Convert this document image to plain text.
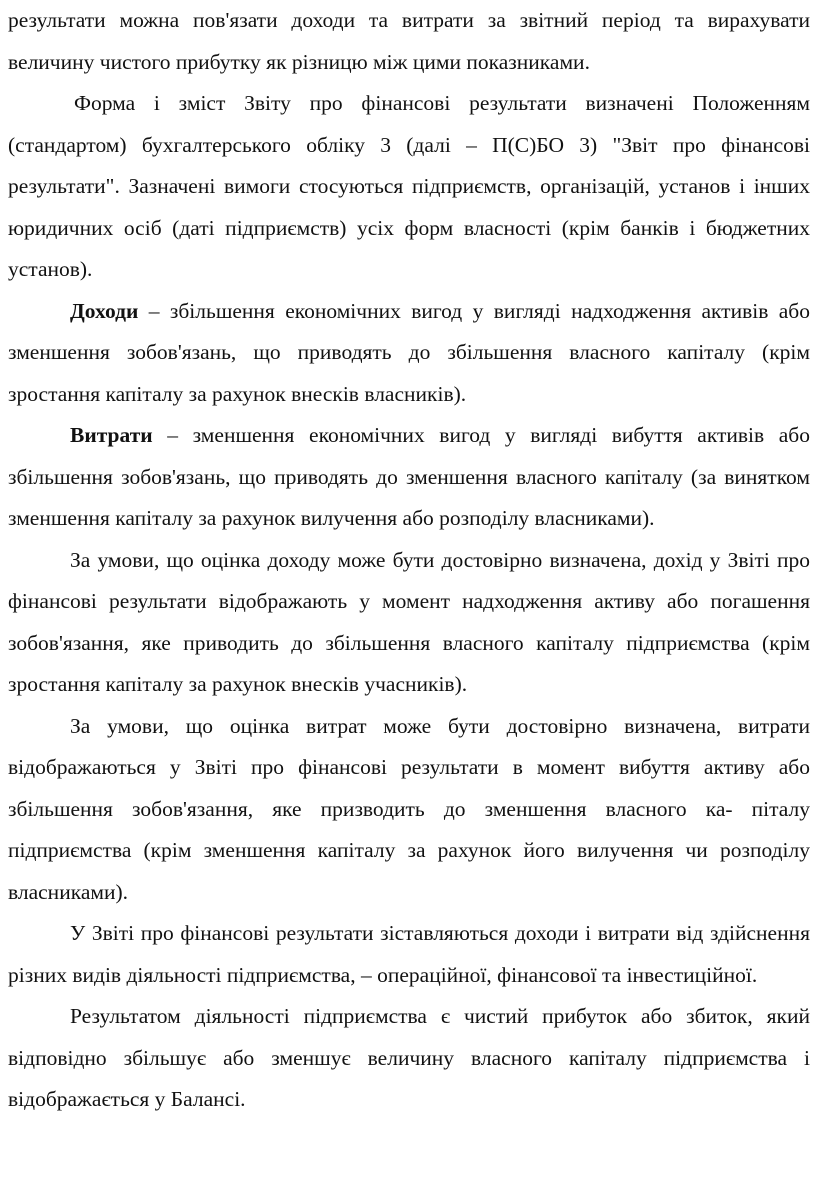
результати можна пов'язати доходи та витрати за звітний період та вирахувати величину чистого прибутку як різницю між цими показниками.

Форма і зміст Звіту про фінансові результати визначені Положенням (стандартом) бухгалтерського обліку 3 (далі – П(С)БО 3) "Звіт про фінансові результати". Зазначені вимоги стосуються підприємств, організацій, установ і інших юридичних осіб (даті підприємств) усіх форм власності (крім банків і бюджетних установ).

Доходи – збільшення економічних вигод у вигляді надходження активів або зменшення зобов'язань, що приводять до збільшення власного капіталу (крім зростання капіталу за рахунок внесків власників).

Витрати – зменшення економічних вигод у вигляді вибуття активів або збільшення зобов'язань, що приводять до зменшення власного капіталу (за винятком зменшення капіталу за рахунок вилучення або розподілу власниками).

За умови, що оцінка доходу може бути достовірно визначена, дохід у Звіті про фінансові результати відображають у момент надходження активу або погашення зобов'язання, яке приводить до збільшення власного капіталу підприємства (крім зростання капіталу за рахунок внесків учасників).

За умови, що оцінка витрат може бути достовірно визначена, витрати відображаються у Звіті про фінансові результати в момент вибуття активу або збільшення зобов'язання, яке призводить до зменшення власного ка- піталу підприємства (крім зменшення капіталу за рахунок його вилучення чи розподілу власниками).

У Звіті про фінансові результати зіставляються доходи і витрати від здійснення різних видів діяльності підприємства, – операційної, фінансової та інвестиційної.

Результатом діяльності підприємства є чистий прибуток або збиток, який відповідно збільшує або зменшує величину власного капіталу підприємства і відображається у Балансі.
